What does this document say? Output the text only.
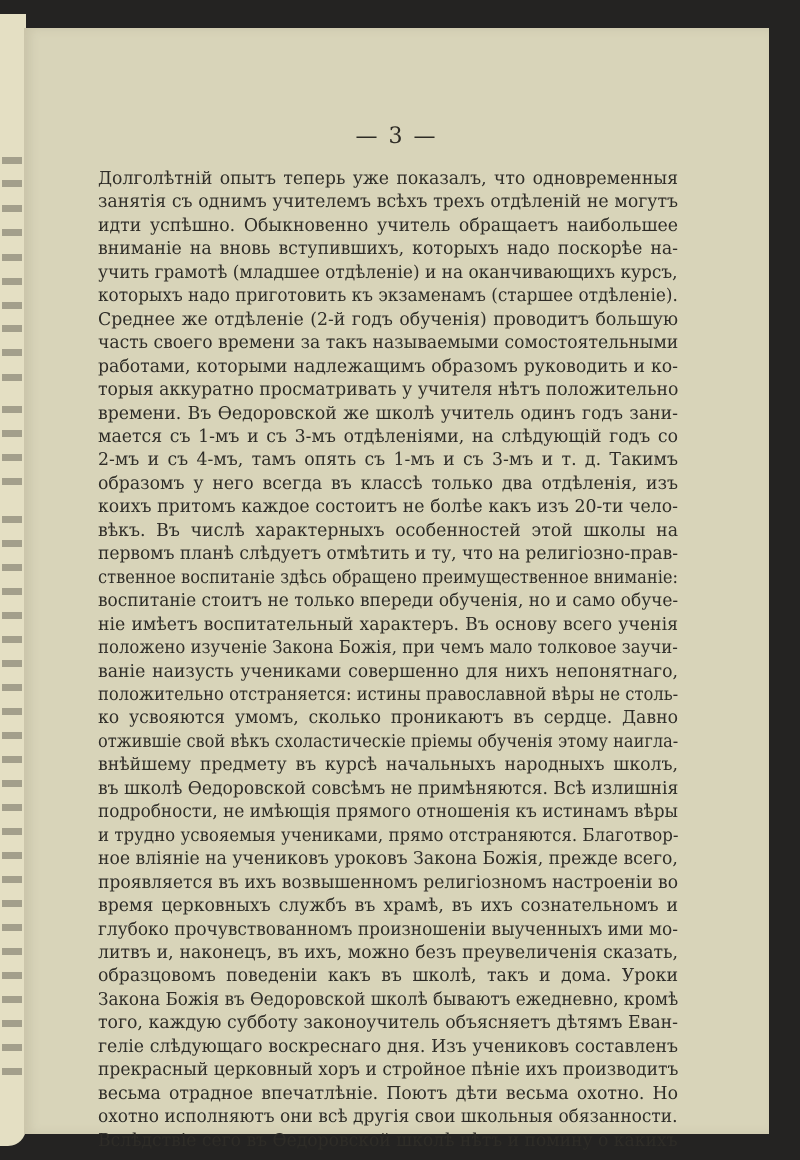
— 3 —
Долголѣтній опытъ теперь уже показалъ, что одновременныя
занятія съ однимъ учителемъ всѣхъ трехъ отдѣленій не могутъ
идти успѣшно. Обыкновенно учитель обращаетъ наибольшее
вниманіе на вновь вступившихъ, которыхъ надо поскорѣе на-
учить грамотѣ (младшее отдѣленіе) и на оканчивающихъ курсъ,
которыхъ надо приготовить къ экзаменамъ (старшее отдѣленіе).
Среднее же отдѣленіе (2-й годъ обученія) проводитъ большую
часть своего времени за такъ называемыми сомостоятельными
работами, которыми надлежащимъ образомъ руководить и ко-
торыя аккуратно просматривать у учителя нѣтъ положительно
времени. Въ Ѳедоровской же школѣ учитель одинъ годъ зани-
мается съ 1-мъ и съ 3-мъ отдѣленіями, на слѣдующій годъ со
2-мъ и съ 4-мъ, тамъ опять съ 1-мъ и съ 3-мъ и т. д. Такимъ
образомъ у него всегда въ классѣ только два отдѣленія, изъ
коихъ притомъ каждое состоитъ не болѣе какъ изъ 20-ти чело-
вѣкъ. Въ числѣ характерныхъ особенностей этой школы на
первомъ планѣ слѣдуетъ отмѣтить и ту, что на религіозно-прав-
ственное воспитаніе здѣсь обращено преимущественное вниманіе:
воспитаніе стоитъ не только впереди обученія, но и само обуче-
ніе имѣетъ воспитательный характеръ. Въ основу всего ученія
положено изученіе Закона Божія, при чемъ мало толковое заучи-
ваніе наизусть учениками совершенно для нихъ непонятнаго,
положительно отстраняется: истины православной вѣры не столь-
ко усвояются умомъ, сколько проникаютъ въ сердце. Давно
отжившіе свой вѣкъ схоластическіе пріемы обученія этому наигла-
внѣйшему предмету въ курсѣ начальныхъ народныхъ школъ,
въ школѣ Ѳедоровской совсѣмъ не примѣняются. Всѣ излишнія
подробности, не имѣющія прямого отношенія къ истинамъ вѣры
и трудно усвояемыя учениками, прямо отстраняются. Благотвор-
ное вліяніе на учениковъ уроковъ Закона Божія, прежде всего,
проявляется въ ихъ возвышенномъ религіозномъ настроеніи во
время церковныхъ службъ въ храмѣ, въ ихъ сознательномъ и
глубоко прочувствованномъ произношеніи выученныхъ ими мо-
литвъ и, наконецъ, въ ихъ, можно безъ преувеличенія сказать,
образцовомъ поведеніи какъ въ школѣ, такъ и дома. Уроки
Закона Божія въ Ѳедоровской школѣ бываютъ ежедневно, кромѣ
того, каждую субботу законоучитель объясняетъ дѣтямъ Еван-
геліе слѣдующаго воскреснаго дня. Изъ учениковъ составленъ
прекрасный церковный хоръ и стройное пѣніе ихъ производитъ
весьма отрадное впечатлѣніе. Поютъ дѣти весьма охотно. Но
охотно исполняютъ они всѣ другія свои школьныя обязанности.
Вслѣдствіе сего въ Ѳедоровской школѣ нѣтъ и помину о какихъ
